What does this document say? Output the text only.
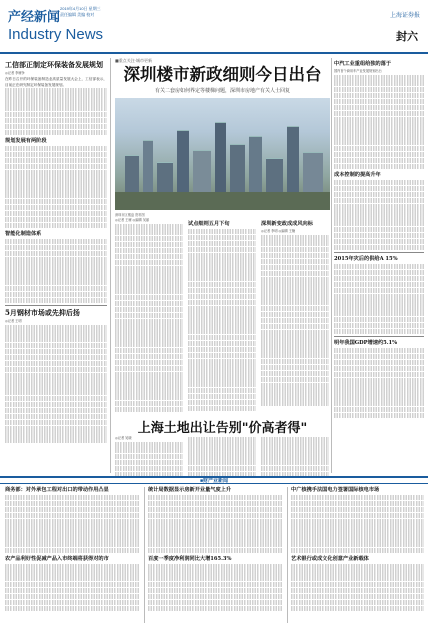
产经新闻
Industry News
2019年4月10日 星期三
责任编辑 美编 校对	上海证券报
封六
工信部正制定环保装备发展规划
◎记者 李雁争
在昨日召开的环保装备制造业高质量发展大会上，工信部表示，目前正在研究制定环保装备发展规划。
规划发展有两阶段
智能化制造体系
5月钢材市场或先抑后扬
◎记者 王明
■重点关注·城市更新
深圳楼市新政细则今日出台
有关二套房如何界定等楼梯问题，深圳市房地产有关人士回复
深圳市区楼盘 资料图
◎记者 王雁 ◎编辑 吴丽
试点细则五月下旬	深圳新变政成成风向标
◎记者 李明 ◎编辑 王楠
上海土地出让告别"价高者得"
◎记者 吴晓
中汽工业重组给独的落于
国内首个商用车产业发展规划出台
成本控制的提高升年
2015年灾后的供给A 15%
明年我国GDP增速约5.1%
■财产业新闻
商务部：对外承包工程对出口的带动作用凸显
农产品利好性促减产品入市终端将获得对的市
统计局数据显示房新开业量气度上升
百度一季度净利润同比大增165.3%
中广核携手法国电力签署国际核电市场
艺术银行或成文化创意产业新载体
